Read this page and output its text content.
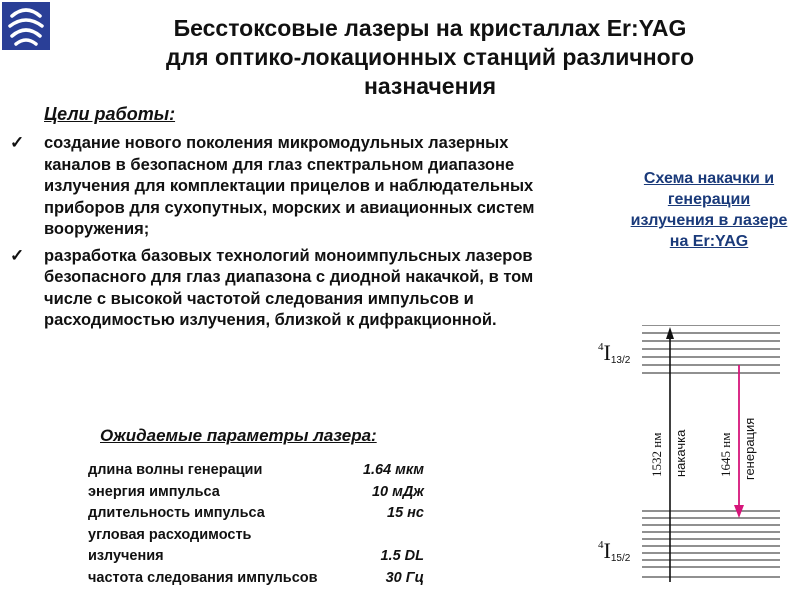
Бесстоксовые лазеры на кристаллах Er:YAG
для оптико-локационных станций различного
назначения

Цели работы:

✓ создание нового поколения микромодульных лазерных каналов в безопасном для глаз спектральном диапазоне излучения для комплектации прицелов и наблюдательных приборов для сухопутных, морских и авиационных систем вооружения;
✓ разработка базовых технологий моноимпульсных лазеров безопасного для глаз диапазона с диодной накачкой, в том числе с высокой частотой следования импульсов и расходимостью излучения, близкой к дифракционной.

Ожидаемые параметры лазера:

длина волны генерации	1.64 мкм
энергия импульса	10 мДж
длительность импульса	15 нс
угловая расходимость
излучения	1.5 DL
частота следования импульсов	30 Гц

Схема накачки и генерации излучения в лазере на Er:YAG

$^4$I13/2
$^4$I15/2
1532 нм накачка 1645 нм генерация
